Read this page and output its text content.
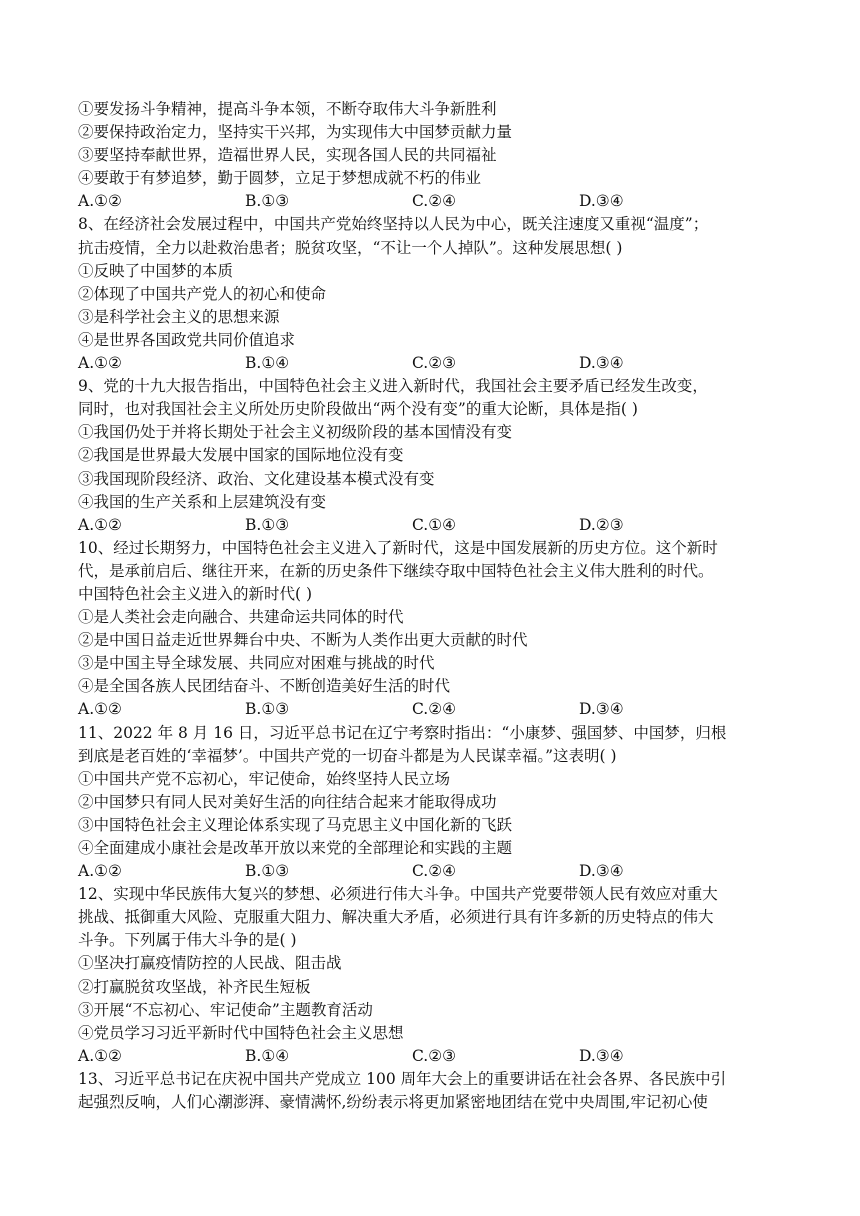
①要发扬斗争精神，提高斗争本领，不断夺取伟大斗争新胜利
②要保持政治定力，坚持实干兴邦，为实现伟大中国梦贡献力量
③要坚持奉献世界，造福世界人民，实现各国人民的共同福祉
④要敢于有梦追梦，勤于圆梦，立足于梦想成就不朽的伟业
A.①②	B.①③	C.②④	D.③④
8、在经济社会发展过程中，中国共产党始终坚持以人民为中心，既关注速度又重视“温度”；
抗击疫情，全力以赴救治患者；脱贫攻坚，“不让一个人掉队”。这种发展思想( )
①反映了中国梦的本质
②体现了中国共产党人的初心和使命
③是科学社会主义的思想来源
④是世界各国政党共同价值追求
A.①②	B.①④	C.②③	D.③④
9、党的十九大报告指出，中国特色社会主义进入新时代，我国社会主要矛盾已经发生改变，
同时，也对我国社会主义所处历史阶段做出“两个没有变”的重大论断，具体是指( )
①我国仍处于并将长期处于社会主义初级阶段的基本国情没有变
②我国是世界最大发展中国家的国际地位没有变
③我国现阶段经济、政治、文化建设基本模式没有变
④我国的生产关系和上层建筑没有变
A.①②	B.①③	C.①④	D.②③
10、经过长期努力，中国特色社会主义进入了新时代，这是中国发展新的历史方位。这个新时
代，是承前启后、继往开来，在新的历史条件下继续夺取中国特色社会主义伟大胜利的时代。
中国特色社会主义进入的新时代( )
①是人类社会走向融合、共建命运共同体的时代
②是中国日益走近世界舞台中央、不断为人类作出更大贡献的时代
③是中国主导全球发展、共同应对困难与挑战的时代
④是全国各族人民团结奋斗、不断创造美好生活的时代
A.①②	B.①③	C.②④	D.③④
11、2022 年 8 月 16 日，习近平总书记在辽宁考察时指出：“小康梦、强国梦、中国梦，归根
到底是老百姓的‘幸福梦’。中国共产党的一切奋斗都是为人民谋幸福。”这表明( )
①中国共产党不忘初心，牢记使命，始终坚持人民立场
②中国梦只有同人民对美好生活的向往结合起来才能取得成功
③中国特色社会主义理论体系实现了马克思主义中国化新的飞跃
④全面建成小康社会是改革开放以来党的全部理论和实践的主题
A.①②	B.①③	C.②④	D.③④
12、实现中华民族伟大复兴的梦想、必须进行伟大斗争。中国共产党要带领人民有效应对重大
挑战、抵御重大风险、克服重大阻力、解决重大矛盾，必须进行具有许多新的历史特点的伟大
斗争。下列属于伟大斗争的是( )
①坚决打赢疫情防控的人民战、阻击战
②打赢脱贫攻坚战，补齐民生短板
③开展“不忘初心、牢记使命”主题教育活动
④党员学习习近平新时代中国特色社会主义思想
A.①②	B.①④	C.②③	D.③④
13、习近平总书记在庆祝中国共产党成立 100 周年大会上的重要讲话在社会各界、各民族中引
起强烈反响，人们心潮澎湃、豪情满怀,纷纷表示将更加紧密地团结在党中央周围,牢记初心使
